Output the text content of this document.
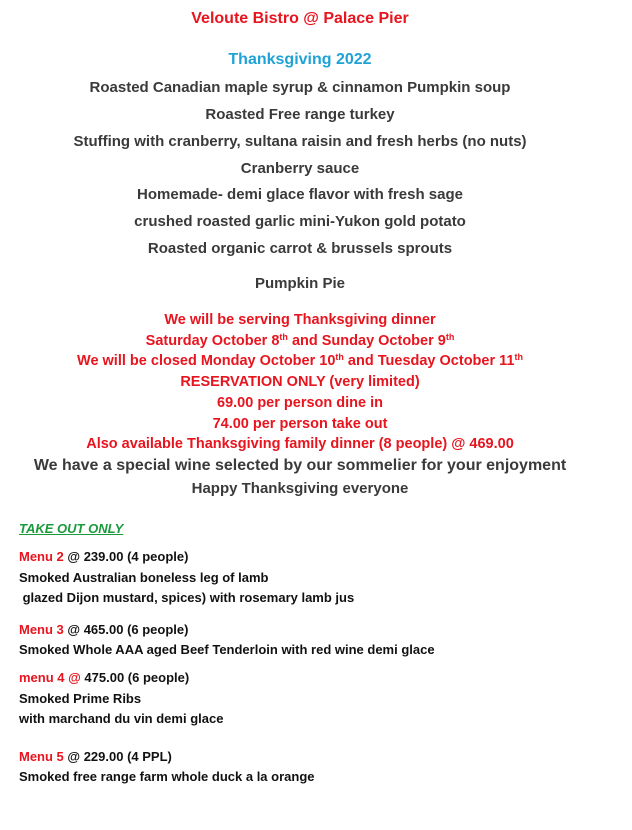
Veloute Bistro @ Palace Pier
Thanksgiving 2022
Roasted Canadian maple syrup & cinnamon Pumpkin soup
Roasted Free range turkey
Stuffing with cranberry, sultana raisin and fresh herbs (no nuts)
Cranberry sauce
Homemade- demi glace flavor with fresh sage
crushed roasted garlic mini-Yukon gold potato
Roasted organic carrot & brussels sprouts
Pumpkin Pie
We will be serving Thanksgiving dinner
Saturday October 8th and Sunday October 9th
We will be closed Monday October 10th and Tuesday October 11th
RESERVATION ONLY (very limited)
69.00 per person dine in
74.00 per person take out
Also available Thanksgiving family dinner (8 people) @ 469.00
We have a special wine selected by our sommelier for your enjoyment
Happy Thanksgiving everyone
TAKE OUT ONLY
Menu 2 @ 239.00 (4 people)
Smoked Australian boneless leg of lamb
glazed Dijon mustard, spices) with rosemary lamb jus
Menu 3 @ 465.00 (6 people)
Smoked Whole AAA aged Beef Tenderloin with red wine demi glace
menu 4 @ 475.00 (6 people)
Smoked Prime Ribs
with marchand du vin demi glace
Menu 5 @ 229.00 (4 PPL)
Smoked free range farm whole duck a la orange
